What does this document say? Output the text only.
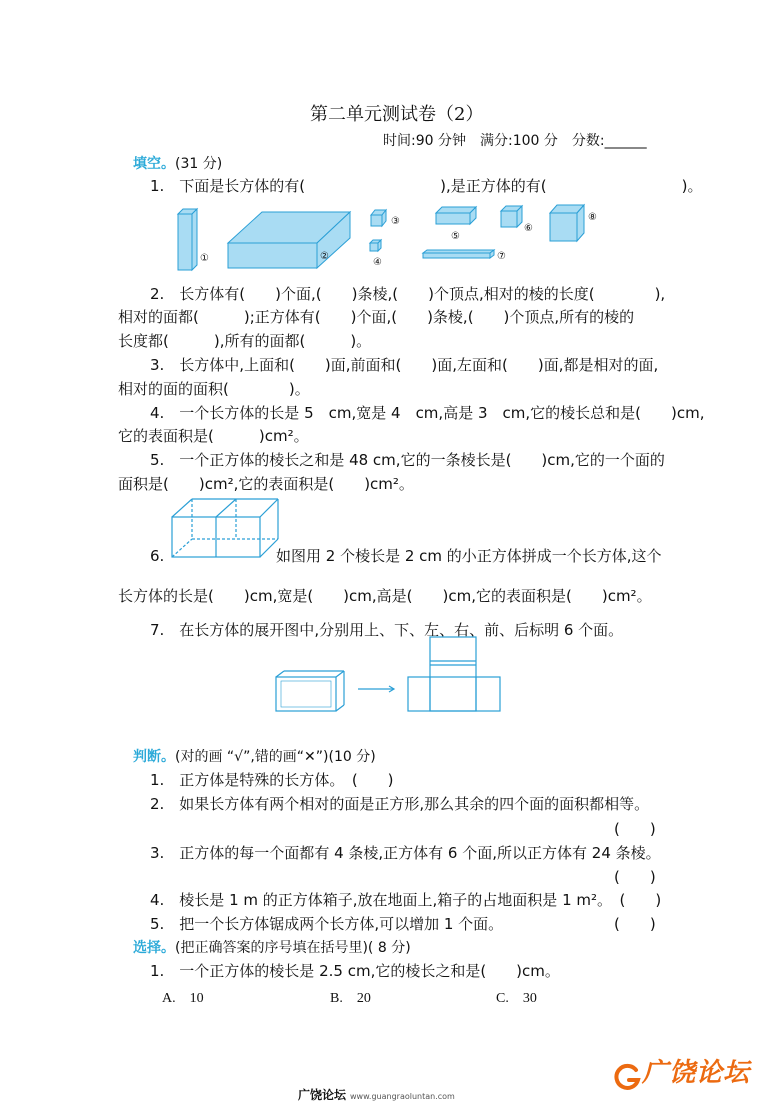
第二单元测试卷（2）
时间:90 分钟　满分:100 分　分数:______
填空。(31 分)
1.　下面是长方体的有(　　　　　　　　　),是正方体的有(　　　　　　　　　)。
①	②
③
④
⑤
⑥
⑦
⑧
2.　长方体有(　　)个面,(　　)条棱,(　　)个顶点,相对的棱的长度(　　　　),
相对的面都(　　　);正方体有(　　)个面,(　　)条棱,(　　)个顶点,所有的棱的
长度都(　　　),所有的面都(　　　)。
3.　长方体中,上面和(　　)面,前面和(　　)面,左面和(　　)面,都是相对的面,
相对的面的面积(　　　　)。
4.　一个长方体的长是 5　cm,宽是 4　cm,高是 3　cm,它的棱长总和是(　　)cm,
它的表面积是(　　　)cm²。
5.　一个正方体的棱长之和是 48 cm,它的一条棱长是(　　)cm,它的一个面的
面积是(　　)cm²,它的表面积是(　　)cm²。
6.	如图用 2 个棱长是 2 cm 的小正方体拼成一个长方体,这个
长方体的长是(　　)cm,宽是(　　)cm,高是(　　)cm,它的表面积是(　　)cm²。
7.　在长方体的展开图中,分别用上、下、左、右、前、后标明 6 个面。
判断。(对的画 “√”,错的画“✕”)(10 分)
1.　正方体是特殊的长方体。　(　　)
2.　如果长方体有两个相对的面是正方形,那么其余的四个面的面积都相等。
(　　)
3.　正方体的每一个面都有 4 条棱,正方体有 6 个面,所以正方体有 24 条棱。
(　　)
4.　棱长是 1 m 的正方体箱子,放在地面上,箱子的占地面积是 1 m²。　(　　)
5.　把一个长方体锯成两个长方体,可以增加 1 个面。	(　　)
选择。(把正确答案的序号填在括号里)( 8 分)
1.　一个正方体的棱长是 2.5 cm,它的棱长之和是(　　)cm。
A.　10	B.　20	C.　30
广饶论坛 www.guangraoluntan.com
广饶论坛
